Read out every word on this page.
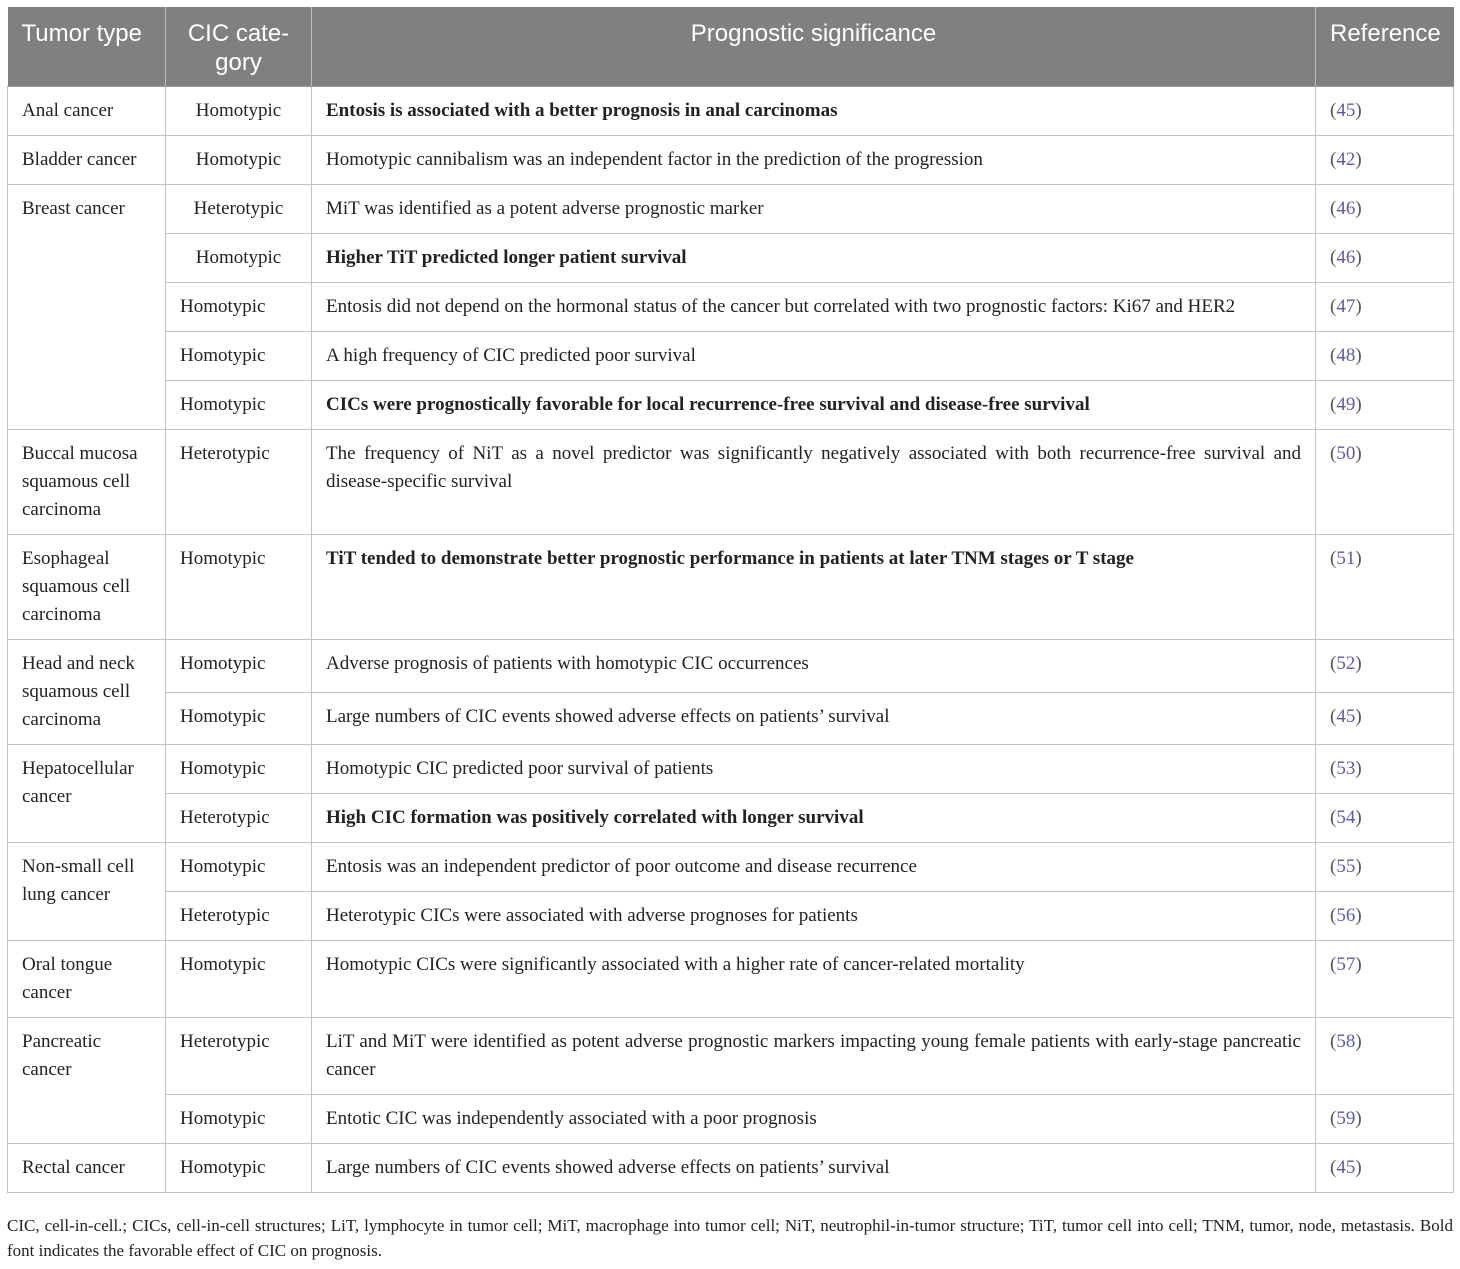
Tumor type	CIC cate- gory	Prognostic significance	Reference
Anal cancer	Homotypic	Entosis is associated with a better prognosis in anal carcinomas	(45)
Bladder cancer	Homotypic	Homotypic cannibalism was an independent factor in the prediction of the progression	(42)
Breast cancer	Heterotypic	MiT was identified as a potent adverse prognostic marker	(46)
	Homotypic	Higher TiT predicted longer patient survival	(46)
	Homotypic	Entosis did not depend on the hormonal status of the cancer but correlated with two prognostic factors: Ki67 and HER2	(47)
	Homotypic	A high frequency of CIC predicted poor survival	(48)
	Homotypic	CICs were prognostically favorable for local recurrence-free survival and disease-free survival	(49)
Buccal mucosa squamous cell carcinoma	Heterotypic	The frequency of NiT as a novel predictor was significantly negatively associated with both recurrence-free survival and disease-specific survival	(50)
Esophageal squamous cell carcinoma	Homotypic	TiT tended to demonstrate better prognostic performance in patients at later TNM stages or T stage	(51)
Head and neck squamous cell carcinoma	Homotypic	Adverse prognosis of patients with homotypic CIC occurrences	(52)
	Homotypic	Large numbers of CIC events showed adverse effects on patients’ survival	(45)
Hepatocellular cancer	Homotypic	Homotypic CIC predicted poor survival of patients	(53)
	Heterotypic	High CIC formation was positively correlated with longer survival	(54)
Non-small cell lung cancer	Homotypic	Entosis was an independent predictor of poor outcome and disease recurrence	(55)
	Heterotypic	Heterotypic CICs were associated with adverse prognoses for patients	(56)
Oral tongue cancer	Homotypic	Homotypic CICs were significantly associated with a higher rate of cancer-related mortality	(57)
Pancreatic cancer	Heterotypic	LiT and MiT were identified as potent adverse prognostic markers impacting young female patients with early-stage pancreatic cancer	(58)
	Homotypic	Entotic CIC was independently associated with a poor prognosis	(59)
Rectal cancer	Homotypic	Large numbers of CIC events showed adverse effects on patients’ survival	(45)
CIC, cell-in-cell.; CICs, cell-in-cell structures; LiT, lymphocyte in tumor cell; MiT, macrophage into tumor cell; NiT, neutrophil-in-tumor structure; TiT, tumor cell into cell; TNM, tumor, node, metastasis. Bold font indicates the favorable effect of CIC on prognosis.
